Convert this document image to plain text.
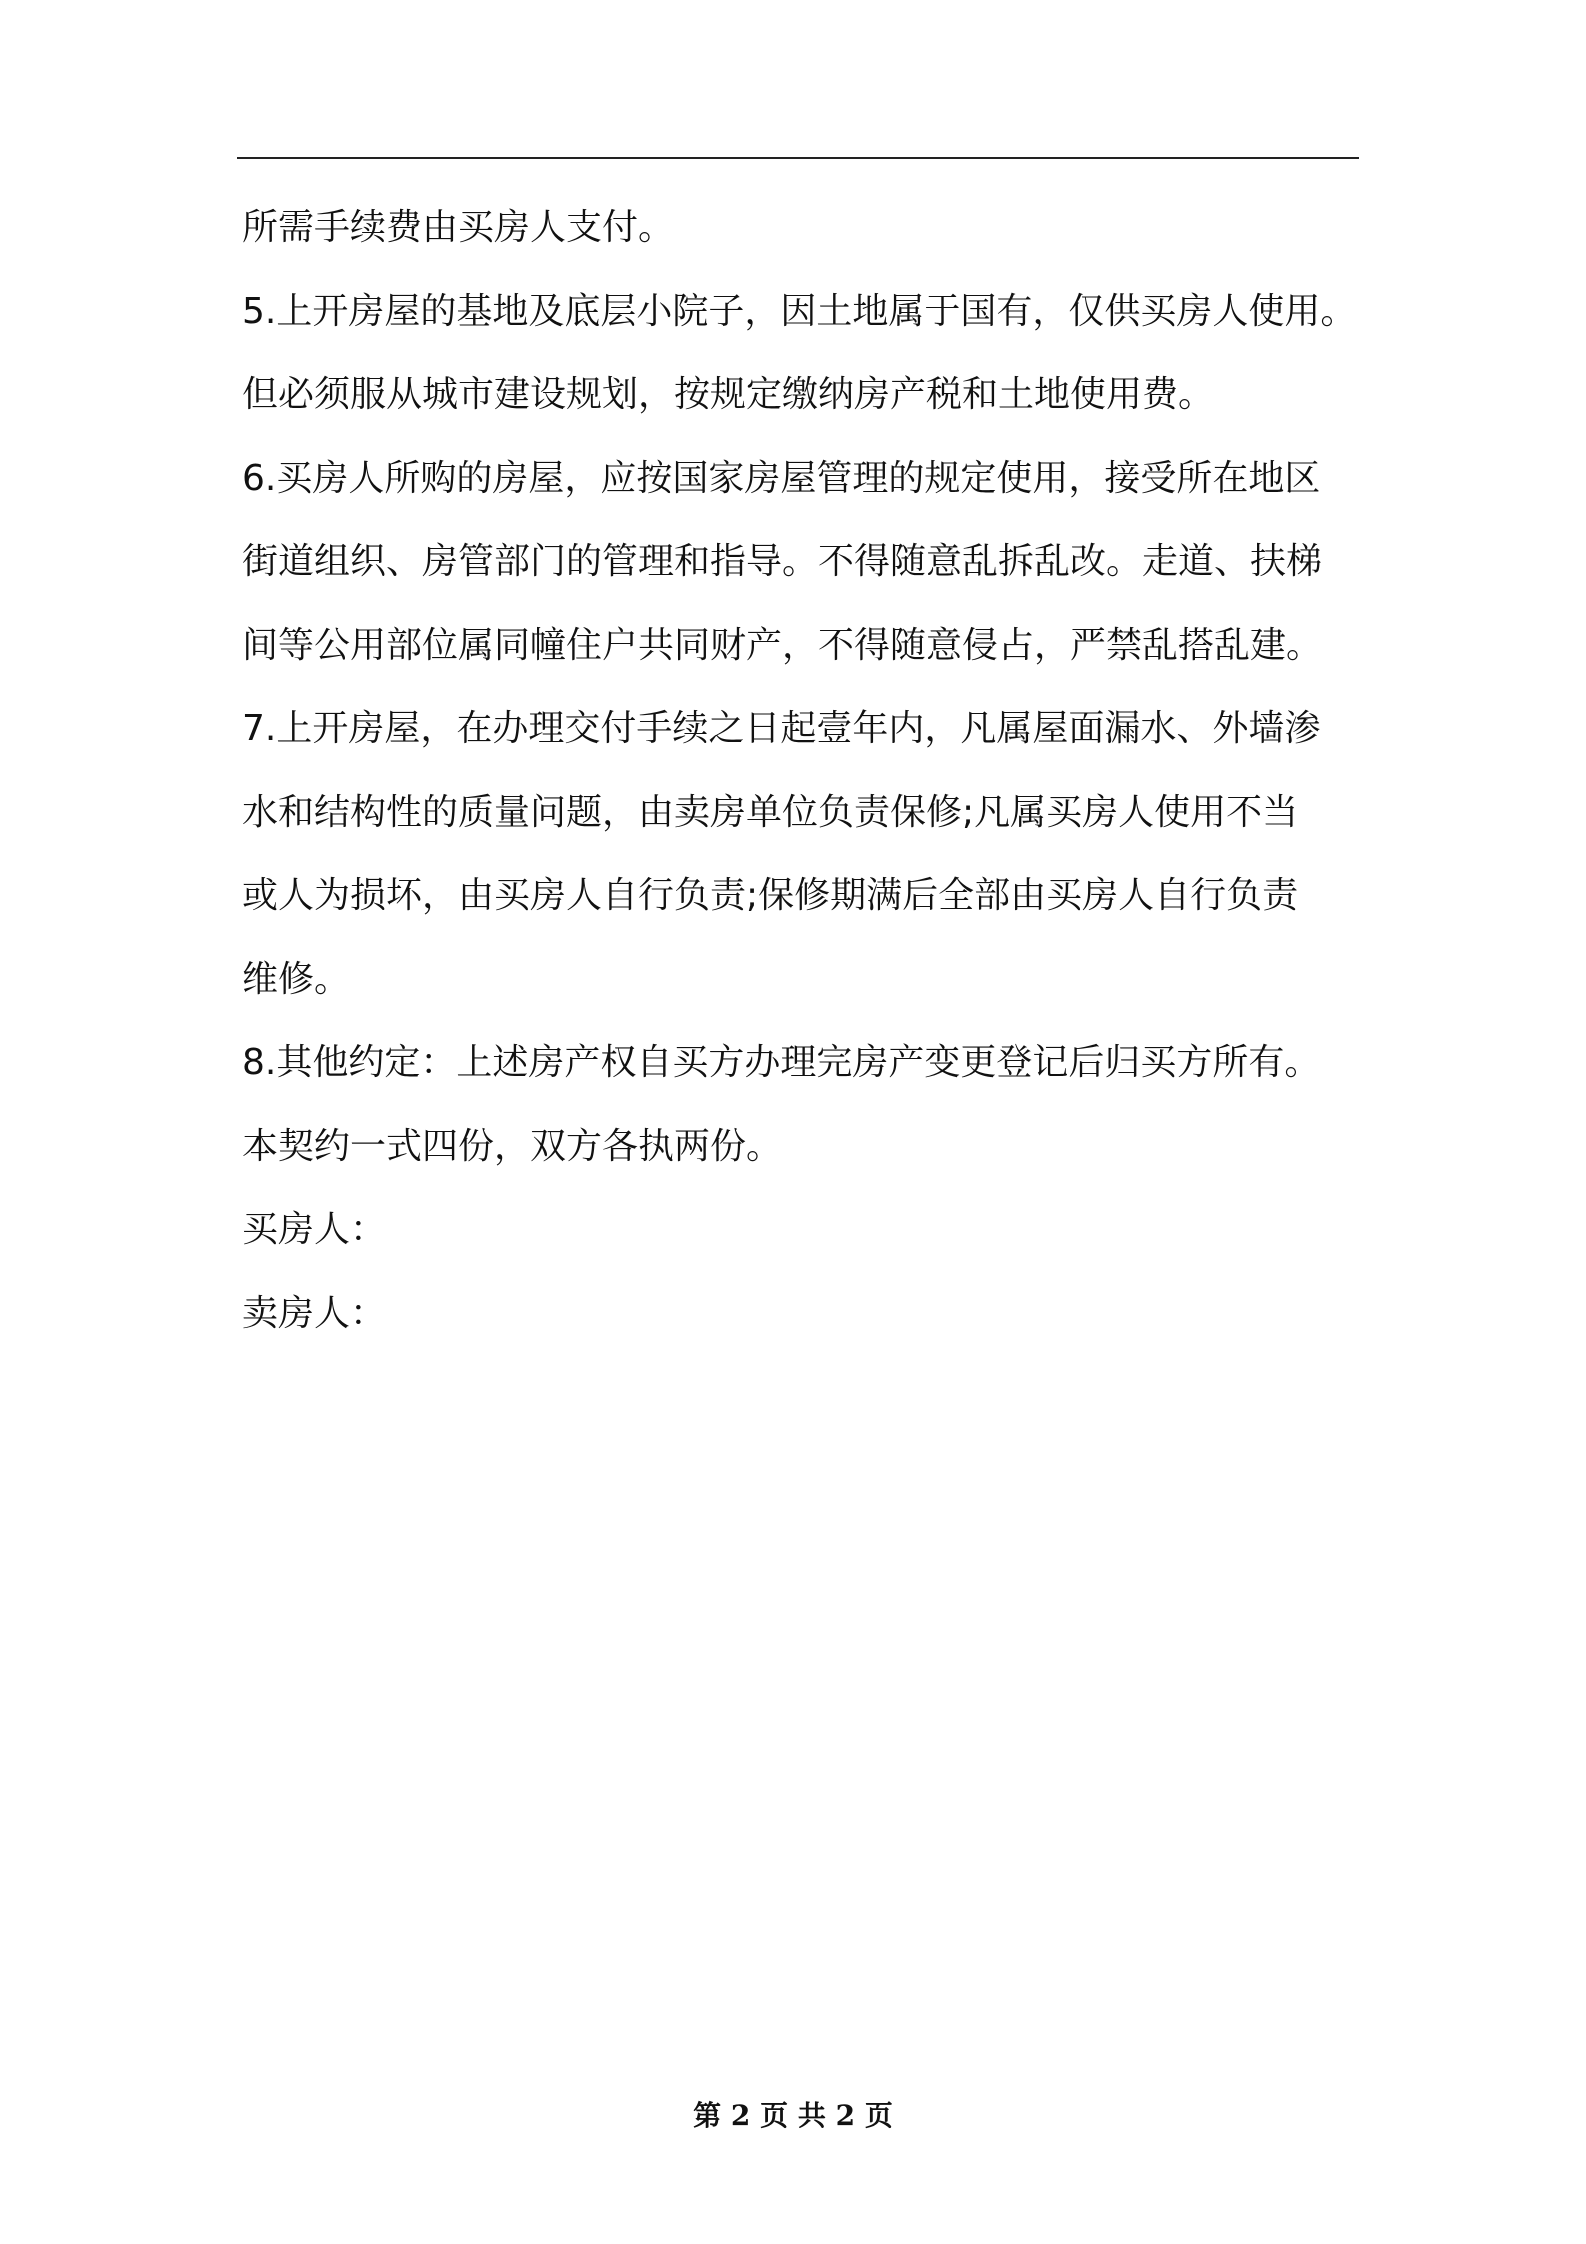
所需手续费由买房人支付。
5.上开房屋的基地及底层小院子，因土地属于国有，仅供买房人使用。
但必须服从城市建设规划，按规定缴纳房产税和土地使用费。
6.买房人所购的房屋，应按国家房屋管理的规定使用，接受所在地区
街道组织、房管部门的管理和指导。不得随意乱拆乱改。走道、扶梯
间等公用部位属同幢住户共同财产，不得随意侵占，严禁乱搭乱建。
7.上开房屋，在办理交付手续之日起壹年内，凡属屋面漏水、外墙渗
水和结构性的质量问题，由卖房单位负责保修;凡属买房人使用不当
或人为损坏，由买房人自行负责;保修期满后全部由买房人自行负责
维修。
8.其他约定：上述房产权自买方办理完房产变更登记后归买方所有。
本契约一式四份，双方各执两份。
买房人：
卖房人：
第 2 页 共 2 页
